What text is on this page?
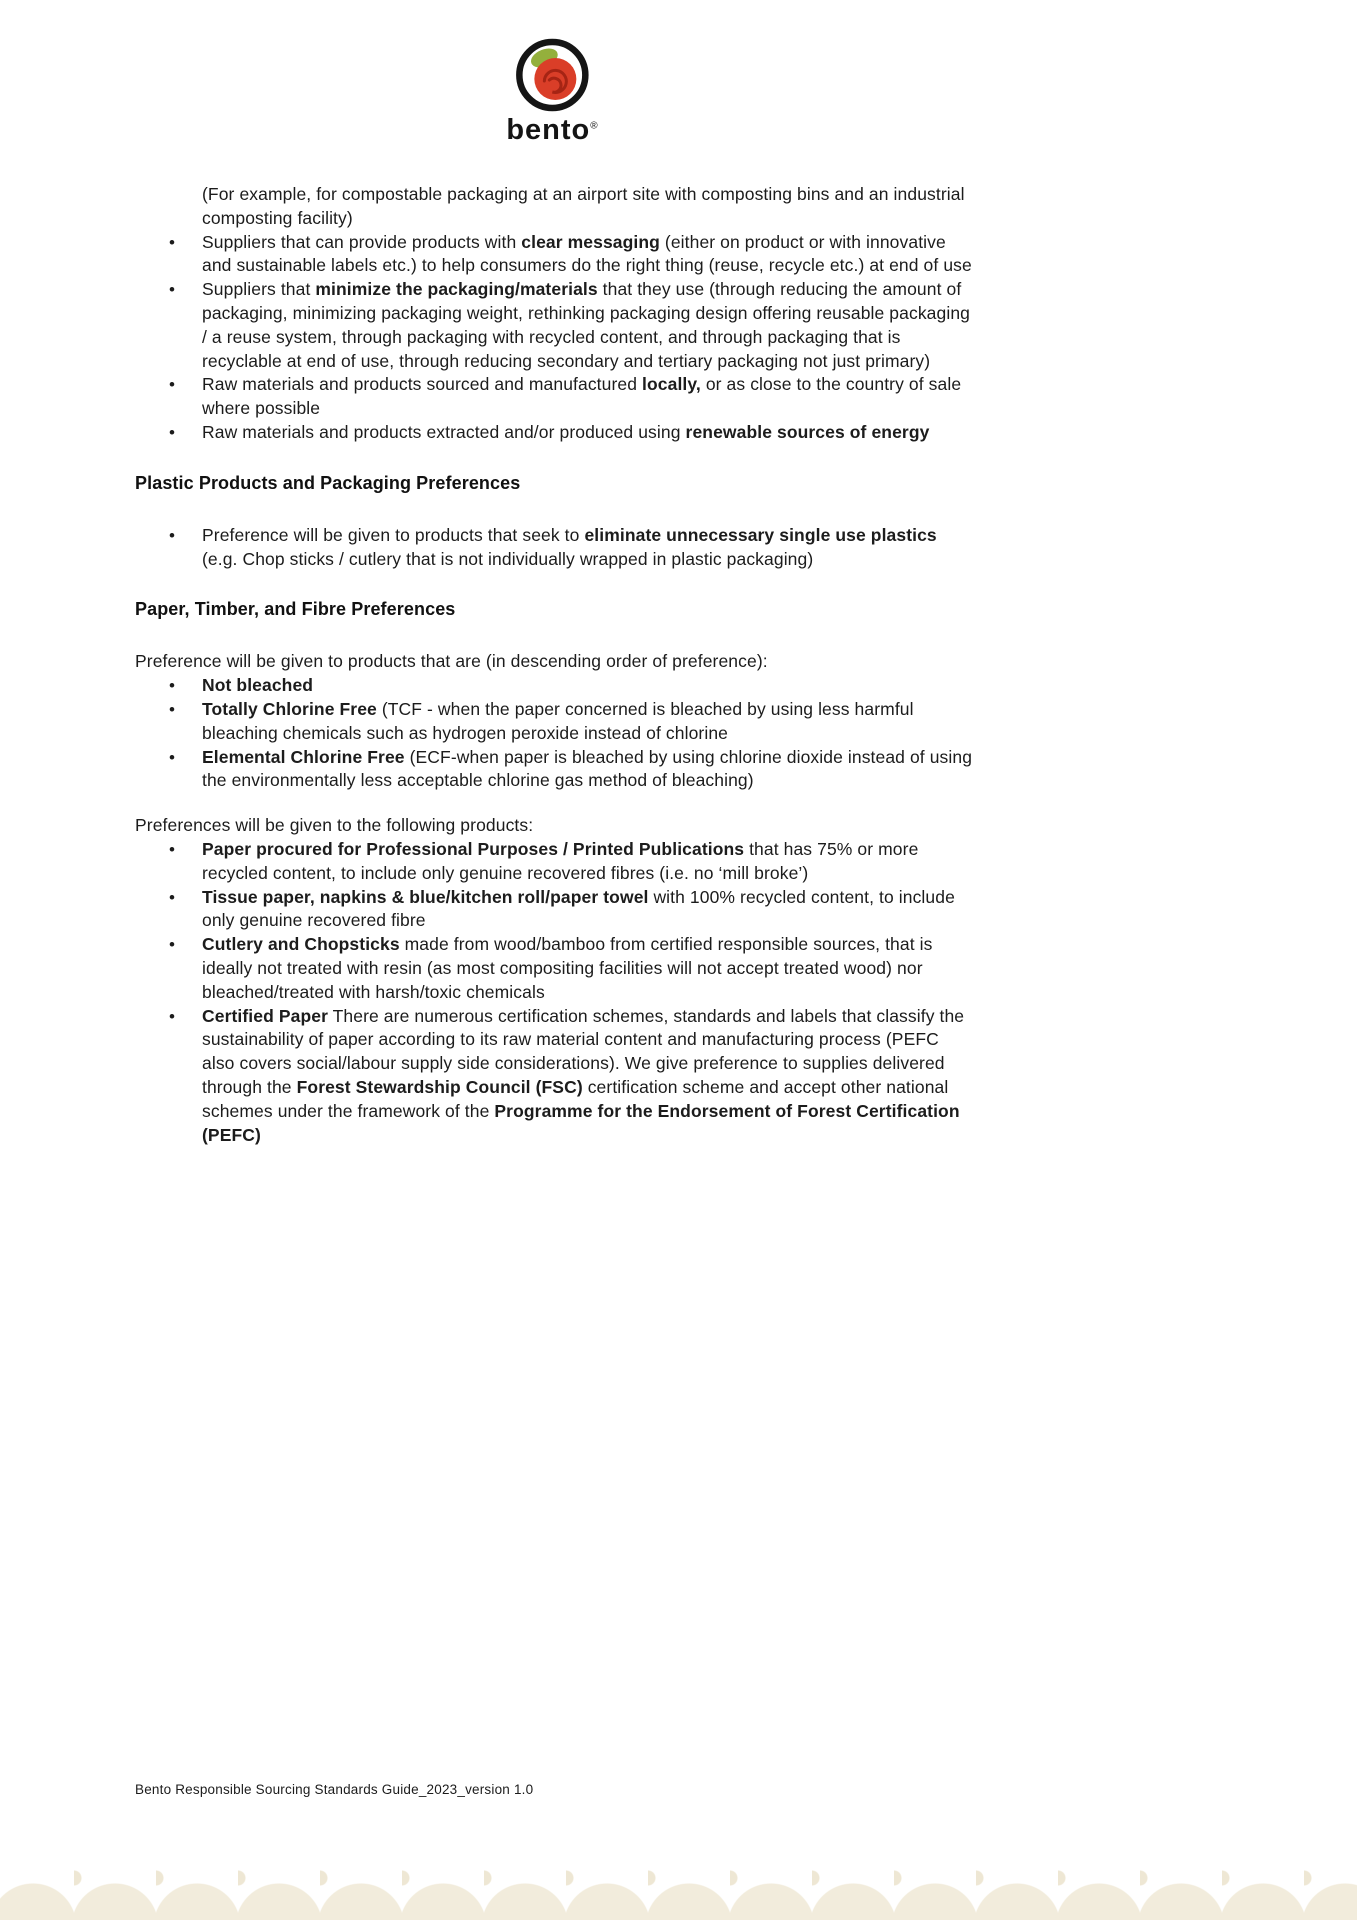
bento®

(For example, for compostable packaging at an airport site with composting bins and an industrial composting facility)

• Suppliers that can provide products with clear messaging (either on product or with innovative and sustainable labels etc.) to help consumers do the right thing (reuse, recycle etc.) at end of use
• Suppliers that minimize the packaging/materials that they use (through reducing the amount of packaging, minimizing packaging weight, rethinking packaging design offering reusable packaging / a reuse system, through packaging with recycled content, and through packaging that is recyclable at end of use, through reducing secondary and tertiary packaging not just primary)
• Raw materials and products sourced and manufactured locally, or as close to the country of sale where possible
• Raw materials and products extracted and/or produced using renewable sources of energy
Plastic Products and Packaging Preferences
• Preference will be given to products that seek to eliminate unnecessary single use plastics (e.g. Chop sticks / cutlery that is not individually wrapped in plastic packaging)
Paper, Timber, and Fibre Preferences

Preference will be given to products that are (in descending order of preference):

• Not bleached
• Totally Chlorine Free (TCF - when the paper concerned is bleached by using less harmful bleaching chemicals such as hydrogen peroxide instead of chlorine
• Elemental Chlorine Free (ECF-when paper is bleached by using chlorine dioxide instead of using the environmentally less acceptable chlorine gas method of bleaching)

Preferences will be given to the following products:

• Paper procured for Professional Purposes / Printed Publications that has 75% or more recycled content, to include only genuine recovered fibres (i.e. no ‘mill broke’)
• Tissue paper, napkins & blue/kitchen roll/paper towel with 100% recycled content, to include only genuine recovered fibre
• Cutlery and Chopsticks made from wood/bamboo from certified responsible sources, that is ideally not treated with resin (as most compositing facilities will not accept treated wood) nor bleached/treated with harsh/toxic chemicals
• Certified Paper There are numerous certification schemes, standards and labels that classify the sustainability of paper according to its raw material content and manufacturing process (PEFC also covers social/labour supply side considerations). We give preference to supplies delivered through the Forest Stewardship Council (FSC) certification scheme and accept other national schemes under the framework of the Programme for the Endorsement of Forest Certification (PEFC)
Bento Responsible Sourcing Standards Guide_2023_version 1.0
